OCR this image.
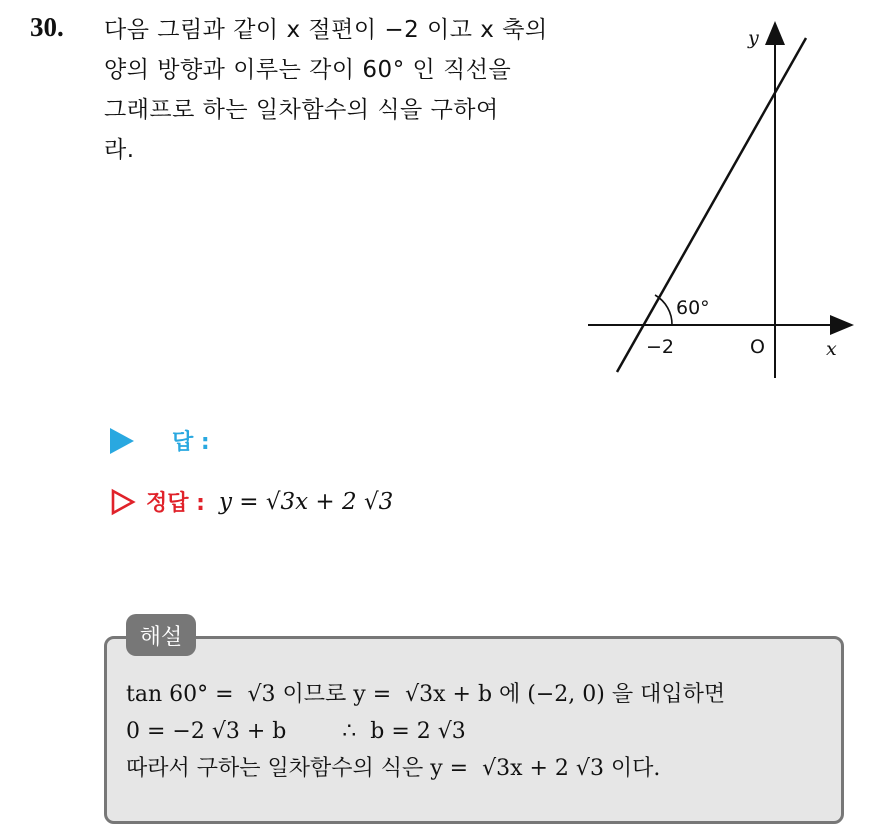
30. 다음 그림과 같이 x 절편이 −2 이고 x 축의
양의 방향과 이루는 각이 60° 인 직선을
그래프로 하는 일차함수의 식을 구하여
라.
60°
−2	O	x
y
답 :
정답 : y = √3x + 2 √3
해설
tan 60° =  √3 이므로 y =  √3x + b 에 (−2, 0) 을 대입하면
0 = −2 √3 + b        ∴  b = 2 √3
따라서 구하는 일차함수의 식은 y =  √3x + 2 √3 이다.
